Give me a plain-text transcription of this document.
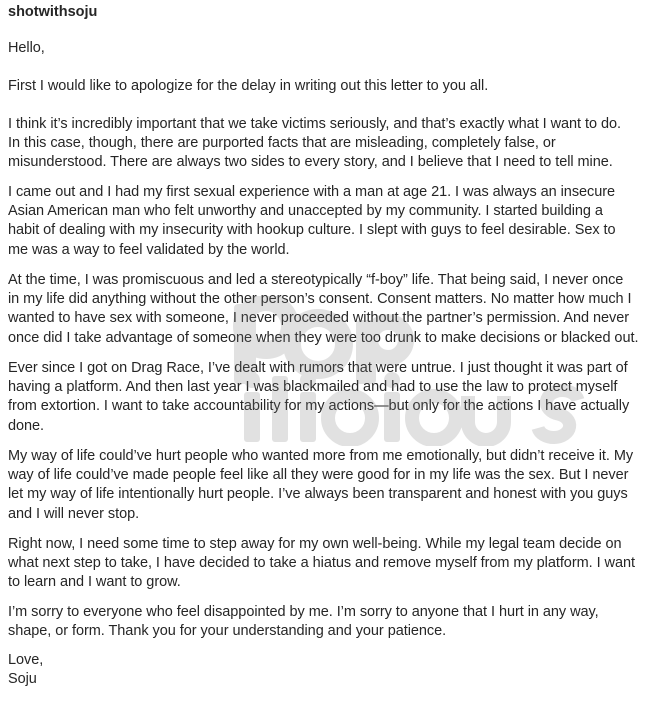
shotwithsoju
Hello,
First I would like to apologize for the delay in writing out this letter to you all.
I think it’s incredibly important that we take victims seriously, and that’s exactly what I want to do.
In this case, though, there are purported facts that are misleading, completely false, or
misunderstood. There are always two sides to every story, and I believe that I need to tell mine.
I came out and I had my first sexual experience with a man at age 21. I was always an insecure
Asian American man who felt unworthy and unaccepted by my community. I started building a
habit of dealing with my insecurity with hookup culture. I slept with guys to feel desirable. Sex to
me was a way to feel validated by the world.
At the time, I was promiscuous and led a stereotypically “f-boy” life. That being said, I never once
in my life did anything without the other person’s consent. Consent matters. No matter how much I
wanted to have sex with someone, I never proceeded without the partner’s permission. And never
once did I take advantage of someone when they were too drunk to make decisions or blacked out.
Ever since I got on Drag Race, I’ve dealt with rumors that were untrue. I just thought it was part of
having a platform. And then last year I was blackmailed and had to use the law to protect myself
from extortion. I want to take accountability for my actions—but only for the actions I have actually
done.
My way of life could’ve hurt people who wanted more from me emotionally, but didn’t receive it. My
way of life could’ve made people feel like all they were good for in my life was the sex. But I never
let my way of life intentionally hurt people. I’ve always been transparent and honest with you guys
and I will never stop.
Right now, I need some time to step away for my own well-being. While my legal team decide on
what next step to take, I have decided to take a hiatus and remove myself from my platform. I want
to learn and I want to grow.
I’m sorry to everyone who feel disappointed by me. I’m sorry to anyone that I hurt in any way,
shape, or form. Thank you for your understanding and your patience.
Love,
Soju
